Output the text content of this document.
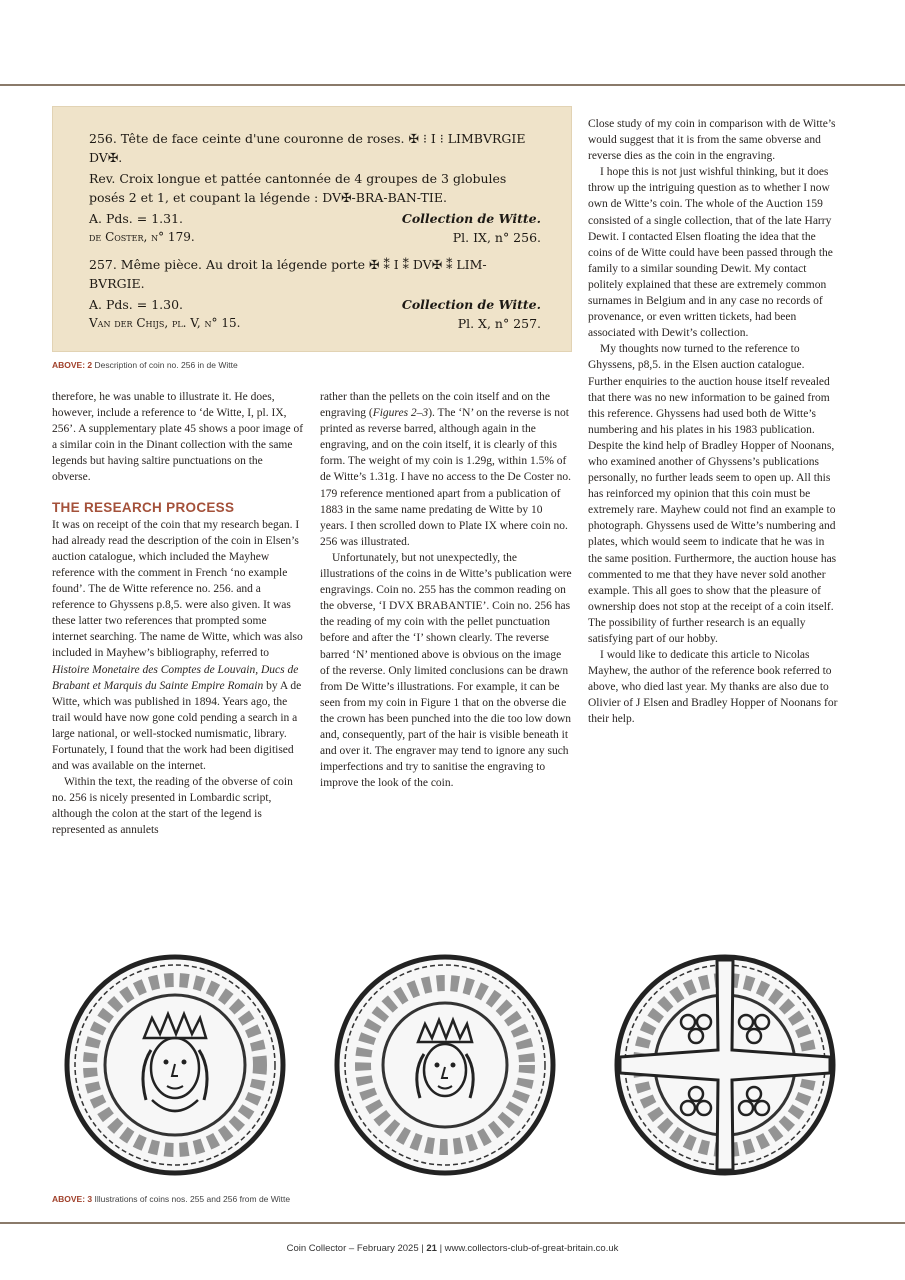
256. Tête de face ceinte d'une couronne de roses. ✠ ⁝ I ⁝ LIMBVRGIE DV✠.
Rev. Croix longue et pattée cantonnée de 4 groupes de 3 globules posés 2 et 1, et coupant la légende : DV✠-BRA-BAN-TIE.
A. Pds. = 1.31.	Collection de Witte.
de Coster, n° 179.	Pl. IX, n° 256.
257. Même pièce. Au droit la légende porte ✠ ⁑ I ⁑ DV✠ ⁑ LIM-BVRGIE.
A. Pds. = 1.30.	Collection de Witte.
Van der Chijs, pl. V, n° 15.	Pl. X, n° 257.
ABOVE: 2 Description of coin no. 256 in de Witte

therefore, he was unable to illustrate it. He does, however, include a reference to ‘de Witte, I, pl. IX, 256’. A supplementary plate 45 shows a poor image of a similar coin in the Dinant collection with the same legends but having saltire punctuations on the obverse.

THE RESEARCH PROCESS

It was on receipt of the coin that my research began. I had already read the description of the coin in Elsen’s auction catalogue, which included the Mayhew reference with the comment in French ‘no example found’. The de Witte reference no. 256. and a reference to Ghyssens p.8,5. were also given. It was these latter two references that prompted some internet searching. The name de Witte, which was also included in Mayhew’s bibliography, referred to Histoire Monetaire des Comptes de Louvain, Ducs de Brabant et Marquis du Sainte Empire Romain by A de Witte, which was published in 1894. Years ago, the trail would have now gone cold pending a search in a large national, or well-stocked numismatic, library. Fortunately, I found that the work had been digitised and was available on the internet.

Within the text, the reading of the obverse of coin no. 256 is nicely presented in Lombardic script, although the colon at the start of the legend is represented as annulets

rather than the pellets on the coin itself and on the engraving (Figures 2–3). The ‘N’ on the reverse is not printed as reverse barred, although again in the engraving, and on the coin itself, it is clearly of this form. The weight of my coin is 1.29g, within 1.5% of de Witte’s 1.31g. I have no access to the De Coster no. 179 reference mentioned apart from a publication of 1883 in the same name predating de Witte by 10 years. I then scrolled down to Plate IX where coin no. 256 was illustrated.

Unfortunately, but not unexpectedly, the illustrations of the coins in de Witte’s publication were engravings. Coin no. 255 has the common reading on the obverse, ‘I DVX BRABANTIE’. Coin no. 256 has the reading of my coin with the pellet punctuation before and after the ‘I’ shown clearly. The reverse barred ‘N’ mentioned above is obvious on the image of the reverse. Only limited conclusions can be drawn from De Witte’s illustrations. For example, it can be seen from my coin in Figure 1 that on the obverse die the crown has been punched into the die too low down and, consequently, part of the hair is visible beneath it and over it. The engraver may tend to ignore any such imperfections and try to sanitise the engraving to improve the look of the coin.

Close study of my coin in comparison with de Witte’s would suggest that it is from the same obverse and reverse dies as the coin in the engraving.

I hope this is not just wishful thinking, but it does throw up the intriguing question as to whether I now own de Witte’s coin. The whole of the Auction 159 consisted of a single collection, that of the late Harry Dewit. I contacted Elsen floating the idea that the coins of de Witte could have been passed through the family to a similar sounding Dewit. My contact politely explained that these are extremely common surnames in Belgium and in any case no records of provenance, or even written tickets, had been associated with Dewit’s collection.

My thoughts now turned to the reference to Ghyssens, p8,5. in the Elsen auction catalogue. Further enquiries to the auction house itself revealed that there was no new information to be gained from this reference. Ghyssens had used both de Witte’s numbering and his plates in his 1983 publication. Despite the kind help of Bradley Hopper of Noonans, who examined another of Ghyssens’s publications personally, no further leads seem to open up. All this has reinforced my opinion that this coin must be extremely rare. Mayhew could not find an example to photograph. Ghyssens used de Witte’s numbering and plates, which would seem to indicate that he was in the same position. Furthermore, the auction house has commented to me that they have never sold another example. This all goes to show that the pleasure of ownership does not stop at the receipt of a coin itself. The possibility of further research is an equally satisfying part of our hobby.

I would like to dedicate this article to Nicolas Mayhew, the author of the reference book referred to above, who died last year. My thanks are also due to Olivier of J Elsen and Bradley Hopper of Noonans for their help.

ABOVE: 3 Illustrations of coins nos. 255 and 256 from de Witte
Coin Collector – February 2025 | 21 | www.collectors-club-of-great-britain.co.uk
